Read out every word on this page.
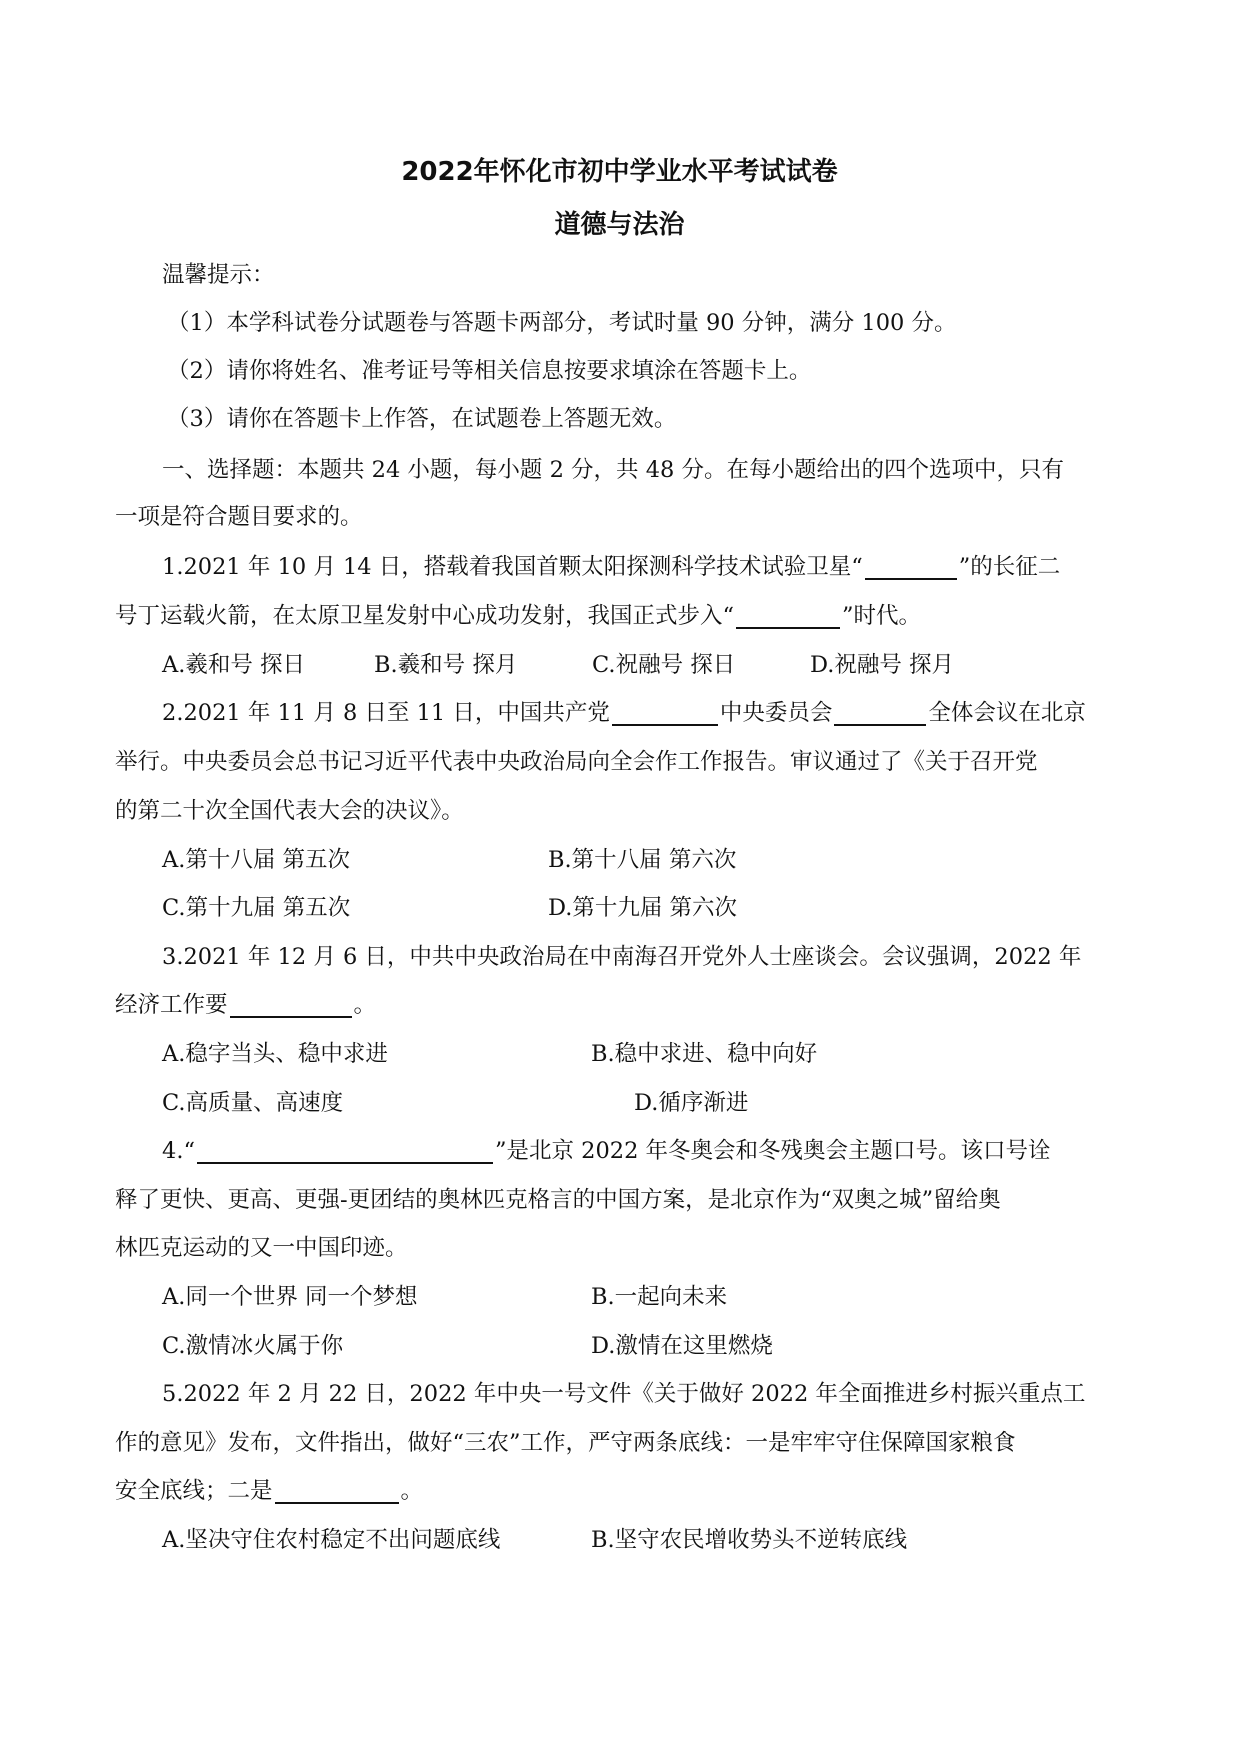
2022年怀化市初中学业水平考试试卷
道德与法治
温馨提示：
（1）本学科试卷分试题卷与答题卡两部分，考试时量 90 分钟，满分 100 分。
（2）请你将姓名、准考证号等相关信息按要求填涂在答题卡上。
（3）请你在答题卡上作答，在试题卷上答题无效。
一、选择题：本题共 24 小题，每小题 2 分，共 48 分。在每小题给出的四个选项中，只有
一项是符合题目要求的。
1.2021 年 10 月 14 日，搭载着我国首颗太阳探测科学技术试验卫星“	”的长征二
号丁运载火箭，在太原卫星发射中心成功发射，我国正式步入“	”时代。
A.羲和号 探日	B.羲和号 探月	C.祝融号 探日	D.祝融号 探月
2.2021 年 11 月 8 日至 11 日，中国共产党	中央委员会	全体会议在北京
举行。中央委员会总书记习近平代表中央政治局向全会作工作报告。审议通过了《关于召开党
的第二十次全国代表大会的决议》。
A.第十八届 第五次	B.第十八届 第六次
C.第十九届 第五次	D.第十九届 第六次
3.2021 年 12 月 6 日，中共中央政治局在中南海召开党外人士座谈会。会议强调，2022 年
经济工作要	。
A.稳字当头、稳中求进	B.稳中求进、稳中向好
C.高质量、高速度	D.循序渐进
4.“	”是北京 2022 年冬奥会和冬残奥会主题口号。该口号诠
释了更快、更高、更强-更团结的奥林匹克格言的中国方案，是北京作为“双奥之城”留给奥
林匹克运动的又一中国印迹。
A.同一个世界 同一个梦想	B.一起向未来
C.激情冰火属于你	D.激情在这里燃烧
5.2022 年 2 月 22 日，2022 年中央一号文件《关于做好 2022 年全面推进乡村振兴重点工
作的意见》发布，文件指出，做好“三农”工作，严守两条底线：一是牢牢守住保障国家粮食
安全底线；二是	。
A.坚决守住农村稳定不出问题底线	B.坚守农民增收势头不逆转底线
